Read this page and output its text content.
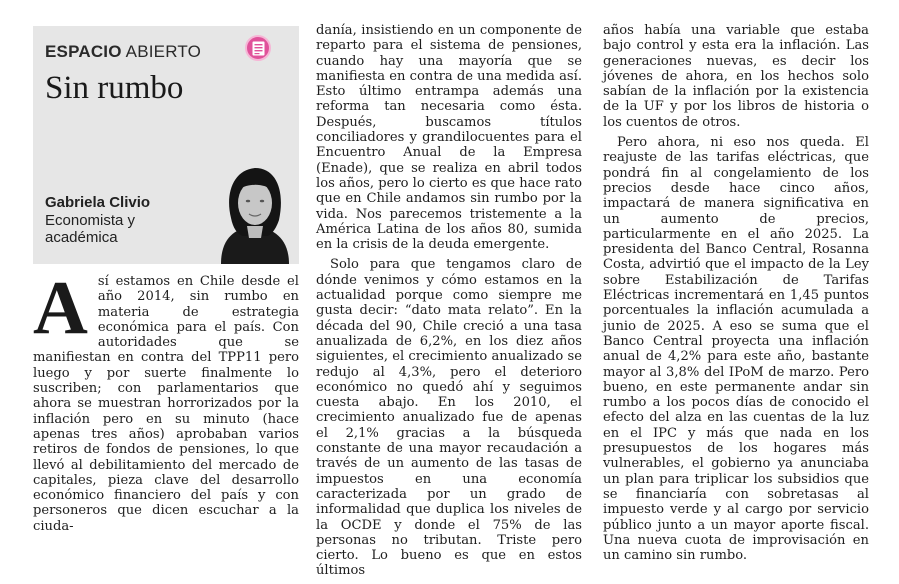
ESPACIO ABIERTO
Sin rumbo
Gabriela Clivio
Economista y académica

Así estamos en Chile desde el año 2014, sin rumbo en materia de estrategia económica para el país. Con autoridades que se manifiestan en contra del TPP11 pero luego y por suerte finalmente lo suscriben; con parlamentarios que ahora se muestran horrorizados por la inflación pero en su minuto (hace apenas tres años) aprobaban varios retiros de fondos de pensiones, lo que llevó al debilitamiento del mercado de capitales, pieza clave del desarrollo económico financiero del país y con personeros que dicen escuchar a la ciuda-

danía, insistiendo en un componente de reparto para el sistema de pensiones, cuando hay una mayoría que se manifiesta en contra de una medida así. Esto último entrampa además una reforma tan necesaria como ésta. Después, buscamos títulos conciliadores y grandilocuentes para el Encuentro Anual de la Empresa (Enade), que se realiza en abril todos los años, pero lo cierto es que hace rato que en Chile andamos sin rumbo por la vida. Nos parecemos tristemente a la América Latina de los años 80, sumida en la crisis de la deuda emergente.

Solo para que tengamos claro de dónde venimos y cómo estamos en la actualidad porque como siempre me gusta decir: “dato mata relato”. En la década del 90, Chile creció a una tasa anualizada de 6,2%, en los diez años siguientes, el crecimiento anualizado se redujo al 4,3%, pero el deterioro económico no quedó ahí y seguimos cuesta abajo. En los 2010, el crecimiento anualizado fue de apenas el 2,1% gracias a la búsqueda constante de una mayor recaudación a través de un aumento de las tasas de impuestos en una economía caracterizada por un grado de informalidad que duplica los niveles de la OCDE y donde el 75% de las personas no tributan. Triste pero cierto. Lo bueno es que en estos últimos

años había una variable que estaba bajo control y esta era la inflación. Las generaciones nuevas, es decir los jóvenes de ahora, en los hechos solo sabían de la inflación por la existencia de la UF y por los libros de historia o los cuentos de otros.

Pero ahora, ni eso nos queda. El reajuste de las tarifas eléctricas, que pondrá fin al congelamiento de los precios desde hace cinco años, impactará de manera significativa en un aumento de precios, particularmente en el año 2025. La presidenta del Banco Central, Rosanna Costa, advirtió que el impacto de la Ley sobre Estabilización de Tarifas Eléctricas incrementará en 1,45 puntos porcentuales la inflación acumulada a junio de 2025. A eso se suma que el Banco Central proyecta una inflación anual de 4,2% para este año, bastante mayor al 3,8% del IPoM de marzo. Pero bueno, en este permanente andar sin rumbo a los pocos días de conocido el efecto del alza en las cuentas de la luz en el IPC y más que nada en los presupuestos de los hogares más vulnerables, el gobierno ya anunciaba un plan para triplicar los subsidios que se financiaría con sobretasas al impuesto verde y al cargo por servicio público junto a un mayor aporte fiscal. Una nueva cuota de improvisación en un camino sin rumbo.
